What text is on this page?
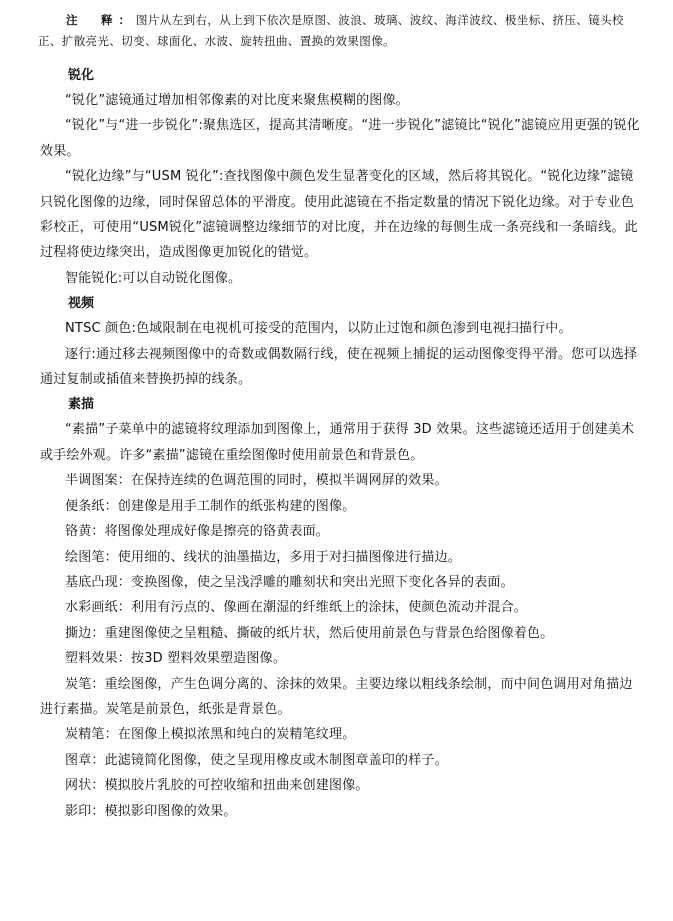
注　释：图片从左到右，从上到下依次是原图、波浪、玻璃、波纹、海洋波纹、极坐标、挤压、镜头校正、扩散亮光、切变、球面化、水波、旋转扭曲、置换的效果图像。
锐化

“锐化”滤镜通过增加相邻像素的对比度来聚焦模糊的图像。

“锐化”与“进一步锐化”:聚焦选区，提高其清晰度。“进一步锐化”滤镜比“锐化”滤镜应用更强的锐化效果。

“锐化边缘”与“USM 锐化”:查找图像中颜色发生显著变化的区域，然后将其锐化。“锐化边缘”滤镜只锐化图像的边缘，同时保留总体的平滑度。使用此滤镜在不指定数量的情况下锐化边缘。对于专业色彩校正，可使用“USM锐化”滤镜调整边缘细节的对比度，并在边缘的每侧生成一条亮线和一条暗线。此过程将使边缘突出，造成图像更加锐化的错觉。

智能锐化:可以自动锐化图像。

视频

NTSC 颜色:色域限制在电视机可接受的范围内，以防止过饱和颜色渗到电视扫描行中。

逐行:通过移去视频图像中的奇数或偶数隔行线，使在视频上捕捉的运动图像变得平滑。您可以选择通过复制或插值来替换扔掉的线条。

素描

“素描”子菜单中的滤镜将纹理添加到图像上，通常用于获得 3D 效果。这些滤镜还适用于创建美术或手绘外观。许多“素描”滤镜在重绘图像时使用前景色和背景色。

半调图案：在保持连续的色调范围的同时，模拟半调网屏的效果。

便条纸：创建像是用手工制作的纸张构建的图像。

铬黄：将图像处理成好像是擦亮的铬黄表面。

绘图笔：使用细的、线状的油墨描边，多用于对扫描图像进行描边。

基底凸现：变换图像，使之呈浅浮雕的雕刻状和突出光照下变化各异的表面。

水彩画纸：利用有污点的、像画在潮湿的纤维纸上的涂抹，使颜色流动并混合。

撕边：重建图像使之呈粗糙、撕破的纸片状，然后使用前景色与背景色给图像着色。

塑料效果：按3D 塑料效果塑造图像。

炭笔：重绘图像，产生色调分离的、涂抹的效果。主要边缘以粗线条绘制，而中间色调用对角描边进行素描。炭笔是前景色，纸张是背景色。

炭精笔：在图像上模拟浓黑和纯白的炭精笔纹理。

图章：此滤镜简化图像，使之呈现用橡皮或木制图章盖印的样子。

网状：模拟胶片乳胶的可控收缩和扭曲来创建图像。

影印：模拟影印图像的效果。
